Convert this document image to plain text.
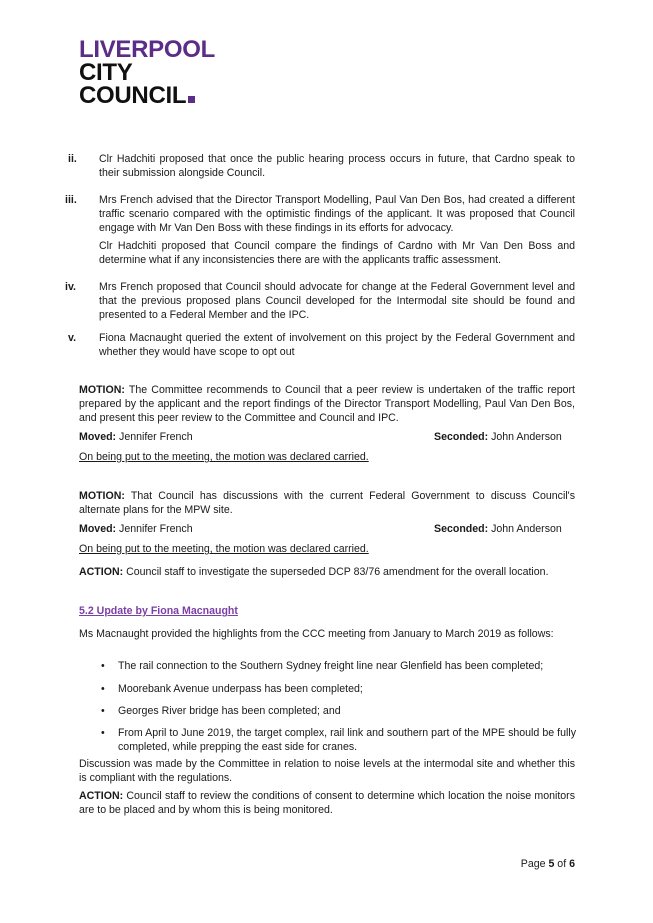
LIVERPOOL
CITY
COUNCIL
ii. Clr Hadchiti proposed that once the public hearing process occurs in future, that Cardno speak to their submission alongside Council.
iii. Mrs French advised that the Director Transport Modelling, Paul Van Den Bos, had created a different traffic scenario compared with the optimistic findings of the applicant. It was proposed that Council engage with Mr Van Den Boss with these findings in its efforts for advocacy.
Clr Hadchiti proposed that Council compare the findings of Cardno with Mr Van Den Boss and determine what if any inconsistencies there are with the applicants traffic assessment.
iv. Mrs French proposed that Council should advocate for change at the Federal Government level and that the previous proposed plans Council developed for the Intermodal site should be found and presented to a Federal Member and the IPC.
v. Fiona Macnaught queried the extent of involvement on this project by the Federal Government and whether they would have scope to opt out
MOTION: The Committee recommends to Council that a peer review is undertaken of the traffic report prepared by the applicant and the report findings of the Director Transport Modelling, Paul Van Den Bos, and present this peer review to the Committee and Council and IPC.
Moved: Jennifer French	Seconded: John Anderson
On being put to the meeting, the motion was declared carried.
MOTION: That Council has discussions with the current Federal Government to discuss Council's alternate plans for the MPW site.
Moved: Jennifer French	Seconded: John Anderson
On being put to the meeting, the motion was declared carried.
ACTION: Council staff to investigate the superseded DCP 83/76 amendment for the overall location.
5.2 Update by Fiona Macnaught
Ms Macnaught provided the highlights from the CCC meeting from January to March 2019 as follows:
• The rail connection to the Southern Sydney freight line near Glenfield has been completed;
• Moorebank Avenue underpass has been completed;
• Georges River bridge has been completed; and
• From April to June 2019, the target complex, rail link and southern part of the MPE should be fully completed, while prepping the east side for cranes.
Discussion was made by the Committee in relation to noise levels at the intermodal site and whether this is compliant with the regulations.
ACTION: Council staff to review the conditions of consent to determine which location the noise monitors are to be placed and by whom this is being monitored.
Page 5 of 6
